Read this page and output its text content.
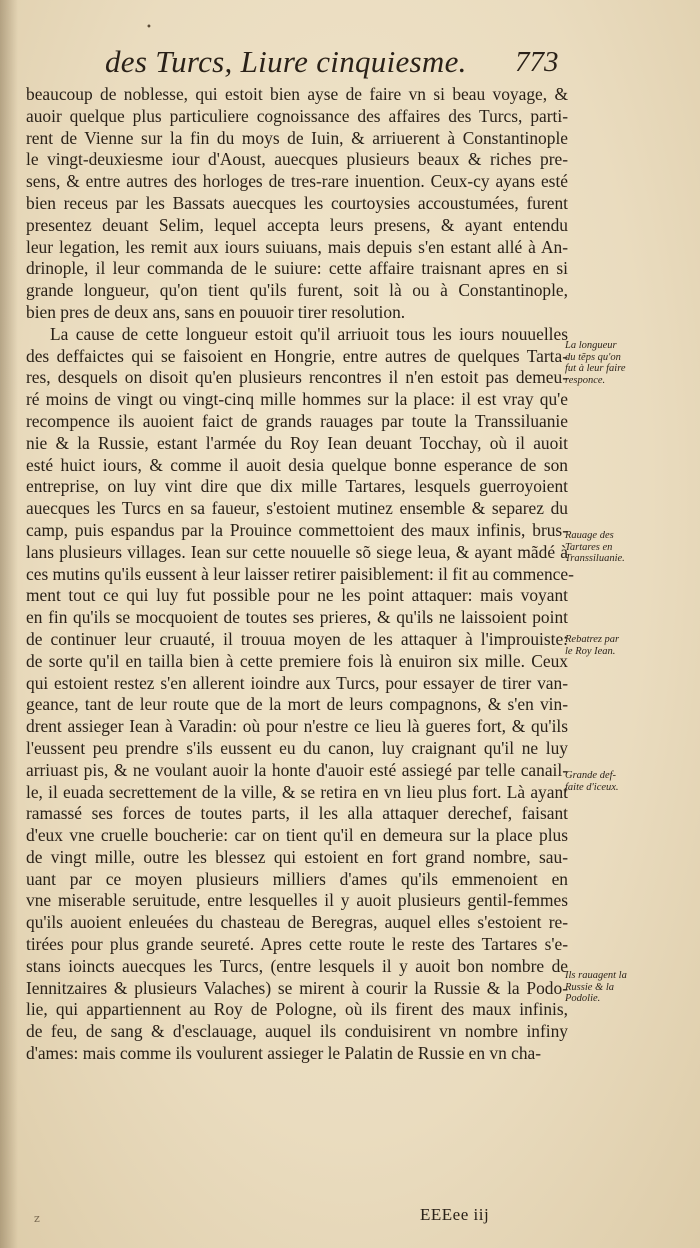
•
des Turcs, Liure cinquiesme. 773
beaucoup de noblesse, qui estoit bien ayse de faire vn si beau voyage, &
auoir quelque plus particuliere cognoissance des affaires des Turcs, parti-
rent de Vienne sur la fin du moys de Iuin, & arriuerent à Constantinople
le vingt-deuxiesme iour d'Aoust, auecques plusieurs beaux & riches pre-
sens, & entre autres des horloges de tres-rare inuention. Ceux-cy ayans esté
bien receus par les Bassats auecques les courtoysies accoustumées, furent
presentez deuant Selim, lequel accepta leurs presens, & ayant entendu
leur legation, les remit aux iours suiuans, mais depuis s'en estant allé à An-
drinople, il leur commanda de le suiure: cette affaire traisnant apres en si
grande longueur, qu'on tient qu'ils furent, soit là ou à Constantinople,
bien pres de deux ans, sans en pouuoir tirer resolution.
La cause de cette longueur estoit qu'il arriuoit tous les iours nouuelles
des deffaictes qui se faisoient en Hongrie, entre autres de quelques Tarta-
res, desquels on disoit qu'en plusieurs rencontres il n'en estoit pas demeu-
ré moins de vingt ou vingt-cinq mille hommes sur la place: il est vray qu'e
recompence ils auoient faict de grands rauages par toute la Transsiluanie
nie & la Russie, estant l'armée du Roy Iean deuant Tocchay, où il auoit
esté huict iours, & comme il auoit desia quelque bonne esperance de son
entreprise, on luy vint dire que dix mille Tartares, lesquels guerroyoient
auecques les Turcs en sa faueur, s'estoient mutinez ensemble & separez du
camp, puis espandus par la Prouince commettoient des maux infinis, brus-
lans plusieurs villages. Iean sur cette nouuelle sõ siege leua, & ayant mãdé à
ces mutins qu'ils eussent à leur laisser retirer paisiblement: il fit au commence-
ment tout ce qui luy fut possible pour ne les point attaquer: mais voyant
en fin qu'ils se mocquoient de toutes ses prieres, & qu'ils ne laissoient point
de continuer leur cruauté, il trouua moyen de les attaquer à l'improuiste:
de sorte qu'il en tailla bien à cette premiere fois là enuiron six mille. Ceux
qui estoient restez s'en allerent ioindre aux Turcs, pour essayer de tirer van-
geance, tant de leur route que de la mort de leurs compagnons, & s'en vin-
drent assieger Iean à Varadin: où pour n'estre ce lieu là gueres fort, & qu'ils
l'eussent peu prendre s'ils eussent eu du canon, luy craignant qu'il ne luy
arriuast pis, & ne voulant auoir la honte d'auoir esté assiegé par telle canail-
le, il euada secrettement de la ville, & se retira en vn lieu plus fort. Là ayant
ramassé ses forces de toutes parts, il les alla attaquer derechef, faisant
d'eux vne cruelle boucherie: car on tient qu'il en demeura sur la place plus
de vingt mille, outre les blessez qui estoient en fort grand nombre, sau-
uant par ce moyen plusieurs milliers d'ames qu'ils emmenoient en
vne miserable seruitude, entre lesquelles il y auoit plusieurs gentil-femmes
qu'ils auoient enleuées du chasteau de Beregras, auquel elles s'estoient re-
tirées pour plus grande seureté. Apres cette route le reste des Tartares s'e-
stans ioincts auecques les Turcs, (entre lesquels il y auoit bon nombre de
Iennitzaires & plusieurs Valaches) se mirent à courir la Russie & la Podo-
lie, qui appartiennent au Roy de Pologne, où ils firent des maux infinis,
de feu, de sang & d'esclauage, auquel ils conduisirent vn nombre infiny
d'ames: mais comme ils voulurent assieger le Palatin de Russie en vn cha-
La longueur
du tẽps qu'on
fut à leur faire
responce.
Rauage des
Tartares en
Transsiluanie.
Rebatrez par
le Roy Iean.
Grande def-
faite d'iceux.
Ils rauagent la
Russie & la
Podolie.
z	EEEee iij
